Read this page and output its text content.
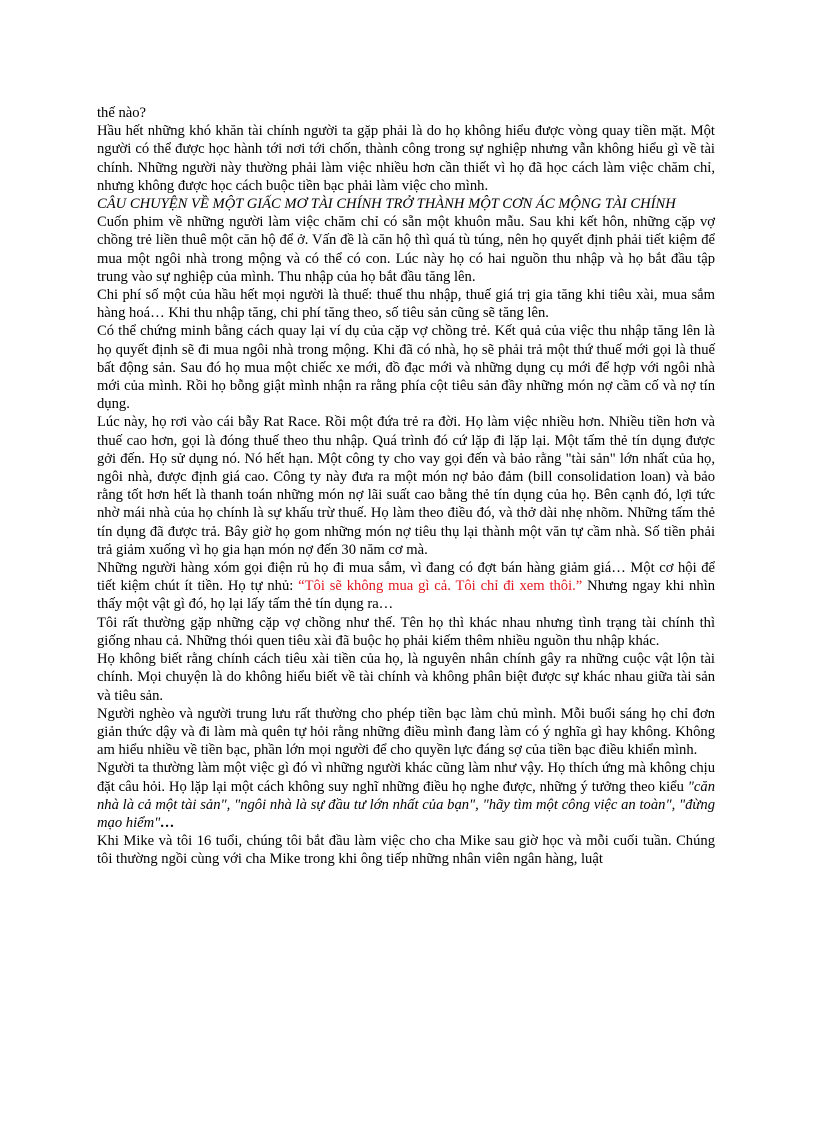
thế nào?

Hầu hết những khó khăn tài chính người ta gặp phải là do họ không hiểu được vòng quay tiền mặt. Một người có thể được học hành tới nơi tới chốn, thành công trong sự nghiệp nhưng vẫn không hiểu gì về tài chính. Những người này thường phải làm việc nhiều hơn cần thiết vì họ đã học cách làm việc chăm chỉ, nhưng không được học cách buộc tiền bạc phải làm việc cho mình.

CÂU CHUYỆN VỀ MỘT GIẤC MƠ TÀI CHÍNH TRỞ THÀNH MỘT CƠN ÁC MỘNG TÀI CHÍNH

Cuốn phim về những người làm việc chăm chỉ có sẵn một khuôn mẫu. Sau khi kết hôn, những cặp vợ chồng trẻ liền thuê một căn hộ để ở. Vấn đề là căn hộ thì quá tù túng, nên họ quyết định phải tiết kiệm để mua một ngôi nhà trong mộng và có thể có con. Lúc này họ có hai nguồn thu nhập và họ bắt đầu tập trung vào sự nghiệp của mình. Thu nhập của họ bắt đầu tăng lên.

Chi phí số một của hầu hết mọi người là thuế: thuế thu nhập, thuế giá trị gia tăng khi tiêu xài, mua sắm hàng hoá… Khi thu nhập tăng, chi phí tăng theo, số tiêu sản cũng sẽ tăng lên.

Có thể chứng minh bằng cách quay lại ví dụ của cặp vợ chồng trẻ. Kết quả của việc thu nhập tăng lên là họ quyết định sẽ đi mua ngôi nhà trong mộng. Khi đã có nhà, họ sẽ phải trả một thứ thuế mới gọi là thuế bất động sản. Sau đó họ mua một chiếc xe mới, đồ đạc mới và những dụng cụ mới để hợp với ngôi nhà mới của mình. Rồi họ bỗng giật mình nhận ra rằng phía cột tiêu sản đầy những món nợ cầm cố và nợ tín dụng.

Lúc này, họ rơi vào cái bẫy Rat Race. Rồi một đứa trẻ ra đời. Họ làm việc nhiều hơn. Nhiều tiền hơn và thuế cao hơn, gọi là đóng thuế theo thu nhập. Quá trình đó cứ lặp đi lặp lại. Một tấm thẻ tín dụng được gởi đến. Họ sử dụng nó. Nó hết hạn. Một công ty cho vay gọi đến và bảo rằng "tài sản" lớn nhất của họ, ngôi nhà, được định giá cao. Công ty này đưa ra một món nợ bảo đảm (bill consolidation loan) và bảo rằng tốt hơn hết là thanh toán những món nợ lãi suất cao bằng thẻ tín dụng của họ. Bên cạnh đó, lợi tức nhờ mái nhà của họ chính là sự khấu trừ thuế. Họ làm theo điều đó, và thở dài nhẹ nhõm. Những tấm thẻ tín dụng đã được trả. Bây giờ họ gom những món nợ tiêu thụ lại thành một văn tự cầm nhà. Số tiền phải trả giảm xuống vì họ gia hạn món nợ đến 30 năm cơ mà.

Những người hàng xóm gọi điện rủ họ đi mua sắm, vì đang có đợt bán hàng giảm giá… Một cơ hội để tiết kiệm chút ít tiền. Họ tự nhủ: “Tôi sẽ không mua gì cả. Tôi chỉ đi xem thôi.” Nhưng ngay khi nhìn thấy một vật gì đó, họ lại lấy tấm thẻ tín dụng ra…

Tôi rất thường gặp những cặp vợ chồng như thế. Tên họ thì khác nhau nhưng tình trạng tài chính thì giống nhau cả. Những thói quen tiêu xài đã buộc họ phải kiếm thêm nhiều nguồn thu nhập khác.

Họ không biết rằng chính cách tiêu xài tiền của họ, là nguyên nhân chính gây ra những cuộc vật lộn tài chính. Mọi chuyện là do không hiểu biết về tài chính và không phân biệt được sự khác nhau giữa tài sản và tiêu sản.

Người nghèo và người trung lưu rất thường cho phép tiền bạc làm chủ mình. Mỗi buổi sáng họ chỉ đơn giản thức dậy và đi làm mà quên tự hỏi rằng những điều mình đang làm có ý nghĩa gì hay không. Không am hiểu nhiều về tiền bạc, phần lớn mọi người để cho quyền lực đáng sợ của tiền bạc điều khiển mình.

Người ta thường làm một việc gì đó vì những người khác cũng làm như vậy. Họ thích ứng mà không chịu đặt câu hỏi. Họ lặp lại một cách không suy nghĩ những điều họ nghe được, những ý tưởng theo kiểu "căn nhà là cả một tài sản", "ngôi nhà là sự đầu tư lớn nhất của bạn", "hãy tìm một công việc an toàn", "đừng mạo hiểm"…

Khi Mike và tôi 16 tuổi, chúng tôi bắt đầu làm việc cho cha Mike sau giờ học và mỗi cuối tuần. Chúng tôi thường ngồi cùng với cha Mike trong khi ông tiếp những nhân viên ngân hàng, luật
